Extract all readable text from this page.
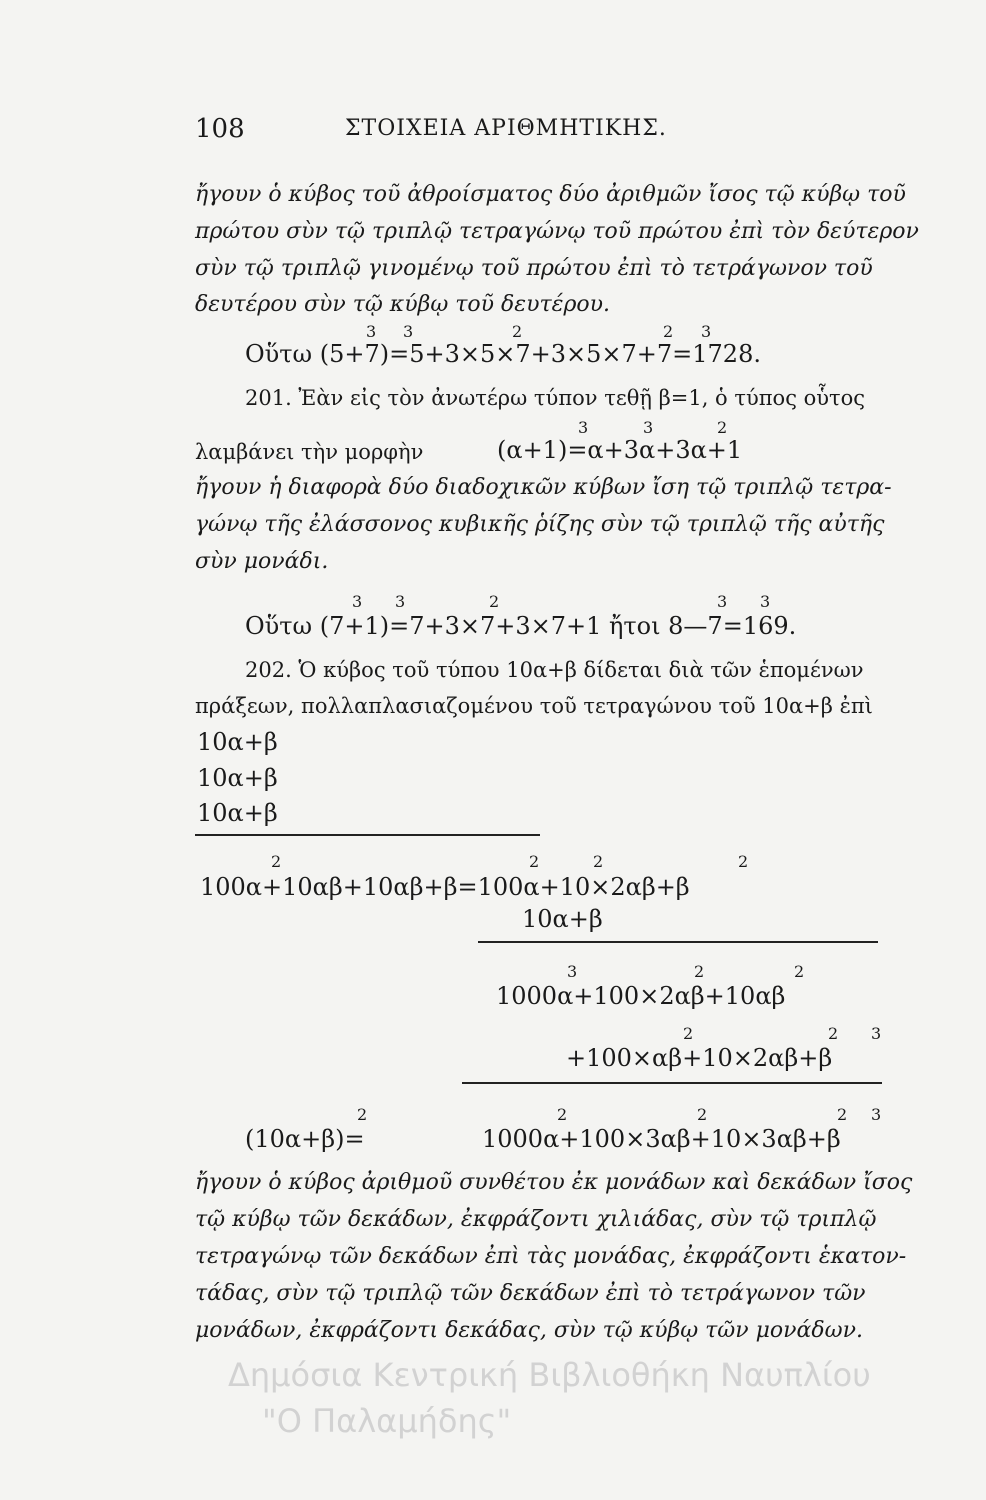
108	ΣΤΟΙΧΕΙΑ ΑΡΙΘΜΗΤΙΚΗΣ.
ἤγουν ὁ κύβος τοῦ ἀθροίσματος δύο ἀριθμῶν ἴσος τῷ κύβῳ τοῦ
πρώτου σὺν τῷ τριπλῷ τετραγώνῳ τοῦ πρώτου ἐπὶ τὸν δεύτερον
σὺν τῷ τριπλῷ γινομένῳ τοῦ πρώτου ἐπὶ τὸ τετράγωνον τοῦ
δευτέρου σὺν τῷ κύβῳ τοῦ δευτέρου.
3 3	2	2 3
Οὕτω (5+7)=5+3×5×7+3×5×7+7=1728.
201. Ἐὰν εἰς τὸν ἀνωτέρω τύπον τεθῇ β=1, ὁ τύπος οὗτος
3	3	2
λαμβάνει τὴν μορφὴν	(α+1)=α+3α+3α+1
ἤγουν ἡ διαφορὰ δύο διαδοχικῶν κύβων ἴση τῷ τριπλῷ τετρα-
γώνῳ τῆς ἐλάσσονος κυβικῆς ῥίζης σὺν τῷ τριπλῷ τῆς αὐτῆς
σὺν μονάδι.
3 3	2	3 3
Οὕτω (7+1)=7+3×7+3×7+1 ἤτοι 8—7=169.
202. Ὁ κύβος τοῦ τύπου 10α+β δίδεται διὰ τῶν ἑπομένων
πράξεων, πολλαπλασιαζομένου τοῦ τετραγώνου τοῦ 10α+β ἐπὶ
10α+β
10α+β
10α+β
2	2	2	2
100α+10αβ+10αβ+β=100α+10×2αβ+β
10α+β
3	2	2
1000α+100×2αβ+10αβ
2	2 3
+100×αβ+10×2αβ+β
2	2	2	2 3
(10α+β)=	1000α+100×3αβ+10×3αβ+β
ἤγουν ὁ κύβος ἀριθμοῦ συνθέτου ἐκ μονάδων καὶ δεκάδων ἴσος
τῷ κύβῳ τῶν δεκάδων, ἐκφράζοντι χιλιάδας, σὺν τῷ τριπλῷ
τετραγώνῳ τῶν δεκάδων ἐπὶ τὰς μονάδας, ἐκφράζοντι ἑκατον-
τάδας, σὺν τῷ τριπλῷ τῶν δεκάδων ἐπὶ τὸ τετράγωνον τῶν
μονάδων, ἐκφράζοντι δεκάδας, σὺν τῷ κύβῳ τῶν μονάδων.
Δημόσια Κεντρική Βιβλιοθήκη Ναυπλίου
"Ο Παλαμήδης"
